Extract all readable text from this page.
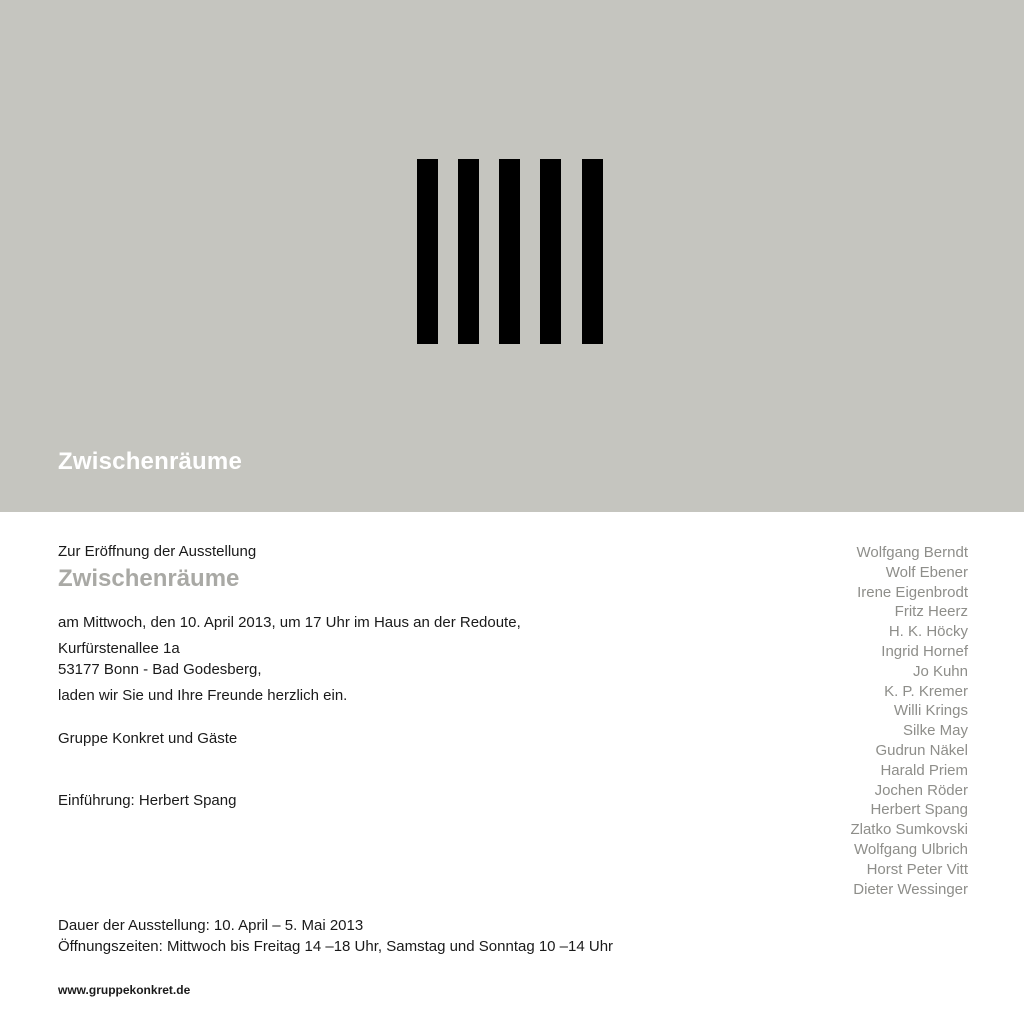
Zwischenräume
Zur Eröffnung der Ausstellung
Zwischenräume
am Mittwoch, den 10. April 2013, um 17 Uhr im Haus an der Redoute,
Kurfürstenallee 1a
53177 Bonn - Bad Godesberg,
laden wir Sie und Ihre Freunde herzlich ein.
Gruppe Konkret und Gäste
Einführung: Herbert Spang
Dauer der Ausstellung: 10. April – 5. Mai 2013
Öffnungszeiten: Mittwoch bis Freitag 14 –18 Uhr, Samstag und Sonntag 10 –14 Uhr
www.gruppekonkret.de
Wolfgang Berndt
Wolf Ebener
Irene Eigenbrodt
Fritz Heerz
H. K. Höcky
Ingrid Hornef
Jo Kuhn
K. P. Kremer
Willi Krings
Silke May
Gudrun Näkel
Harald Priem
Jochen Röder
Herbert Spang
Zlatko Sumkovski
Wolfgang Ulbrich
Horst Peter Vitt
Dieter Wessinger
